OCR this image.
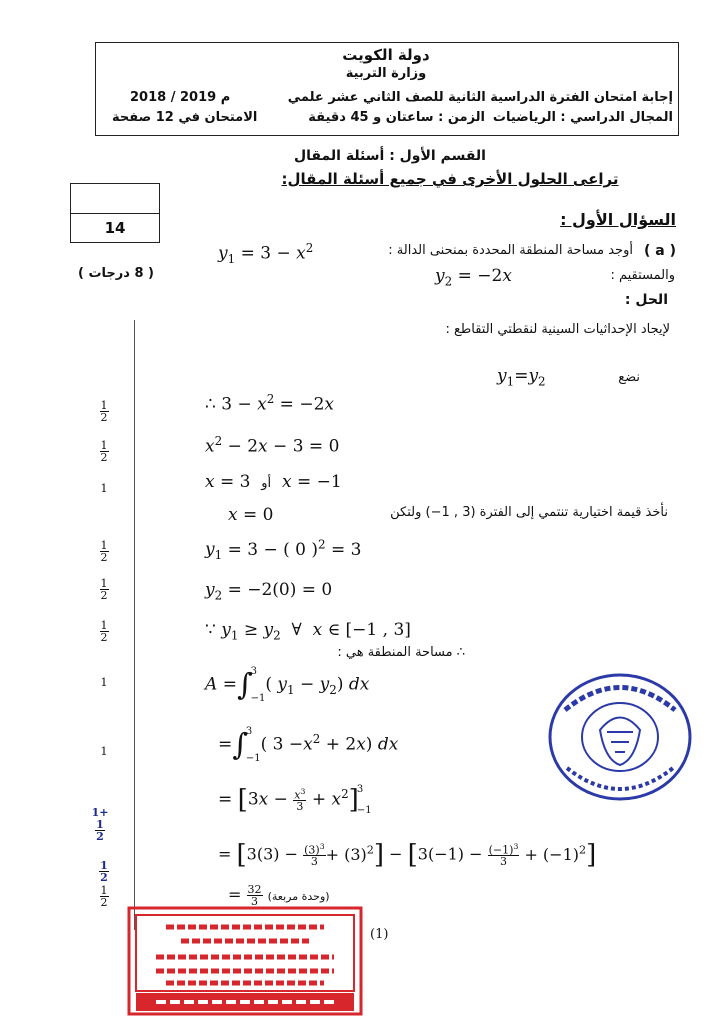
دولة الكويت
وزارة التربية
إجابة امتحان الفترة الدراسية الثانية للصف الثاني عشر علمي
2018 / 2019 م
المجال الدراسي : الرياضيات
الزمن : ساعتان و 45 دقيقة
الامتحان في 12 صفحة
القسم الأول : أسئلة المقال
تراعى الحلول الأخرى في جميع أسئلة المقال:
14
( 8 درجات )
السؤال الأول :
( a )
أوجد مساحة المنطقة المحددة بمنحنى الدالة :
$y_1 = 3 - x^2$
والمستقيم :
$y_2 = -2x$
الحل :
لإيجاد الإحداثيات السينية لنقطتي التقاطع :
نضع
$y_1=y_2$
∴ $3 - x^2 = -2x$
$x^2 - 2x - 3 = 0$
x = 3 أو x = −1
نأخذ قيمة اختيارية تنتمي إلى الفترة (3 , 1−) ولتكن
x = 0
$y_1 = 3$ − ( 0 )$^2$ = 3
$y_2 = -2(0) = 0$
∵ $y_1 \ge y_2$  ∀  x ∈ [−1 , 3]
∴ مساحة المنطقة هي :
A =∫
3
−1
( $y_1 - y_2$) dx
=∫
3
−1
( $3 -x^2 + 2x$) dx
= $[3x - \frac{x^3}{3} + x^2]$
3
−1
= $[3(3) - \frac{(3)^3}{3} + (3)^2] - [3(-1) - \frac{(-1)^3}{3} + (-1)^2]$
= $\frac{32}{3}$ (وحدة مربعة)
$\frac{1}{2}$
$\frac{1}{2}$
1
$\frac{1}{2}$
$\frac{1}{2}$
$\frac{1}{2}$
1
1
1+
$\frac{1}{2}$
$\frac{1}{2}$
$\frac{1}{2}$
(1)
